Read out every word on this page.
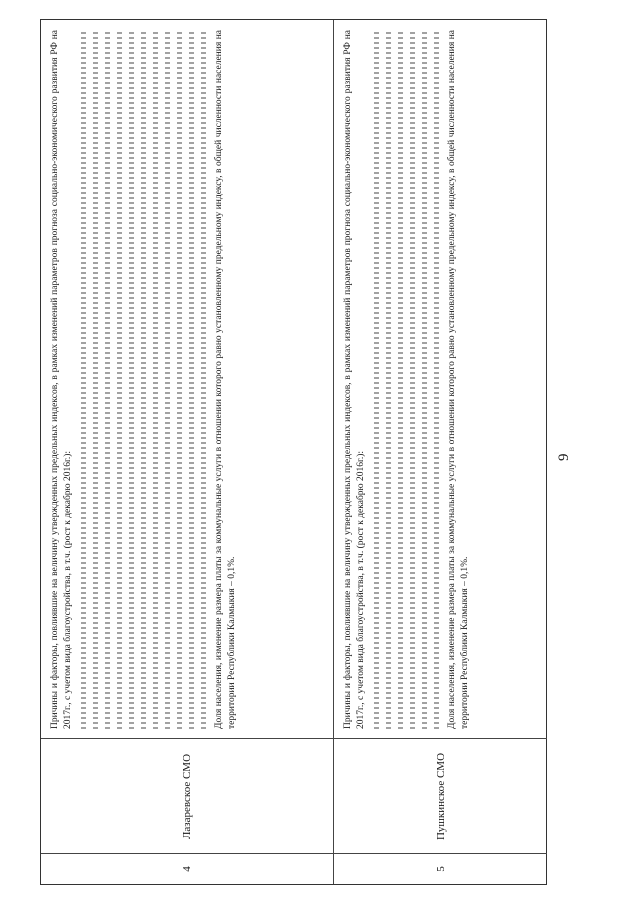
9
4
Лазаревское СМО
Причины и факторы, повлиявшие на величину утвержденных предельных индексов, в рамках изменений параметров прогноза социально-экономического развития РФ на 2017г., с учетом вида благоустройства, в т.ч. (рост к декабрю 2016г.):	Доля населения, изменение размера платы за коммунальные услуги в отношении которого равно установленному предельному индексу, в общей численности населения на территории Республики Калмыкия – 0,1%.
5
Пушкинское СМО
Причины и факторы, повлиявшие на величину утвержденных предельных индексов, в рамках изменений параметров прогноза социально-экономического развития РФ на 2017г., с учетом вида благоустройства, в т.ч. (рост к декабрю 2016г.):	Доля населения, изменение размера платы за коммунальные услуги в отношении которого равно установленному предельному индексу, в общей численности населения на территории Республики Калмыкия – 0,1%.
